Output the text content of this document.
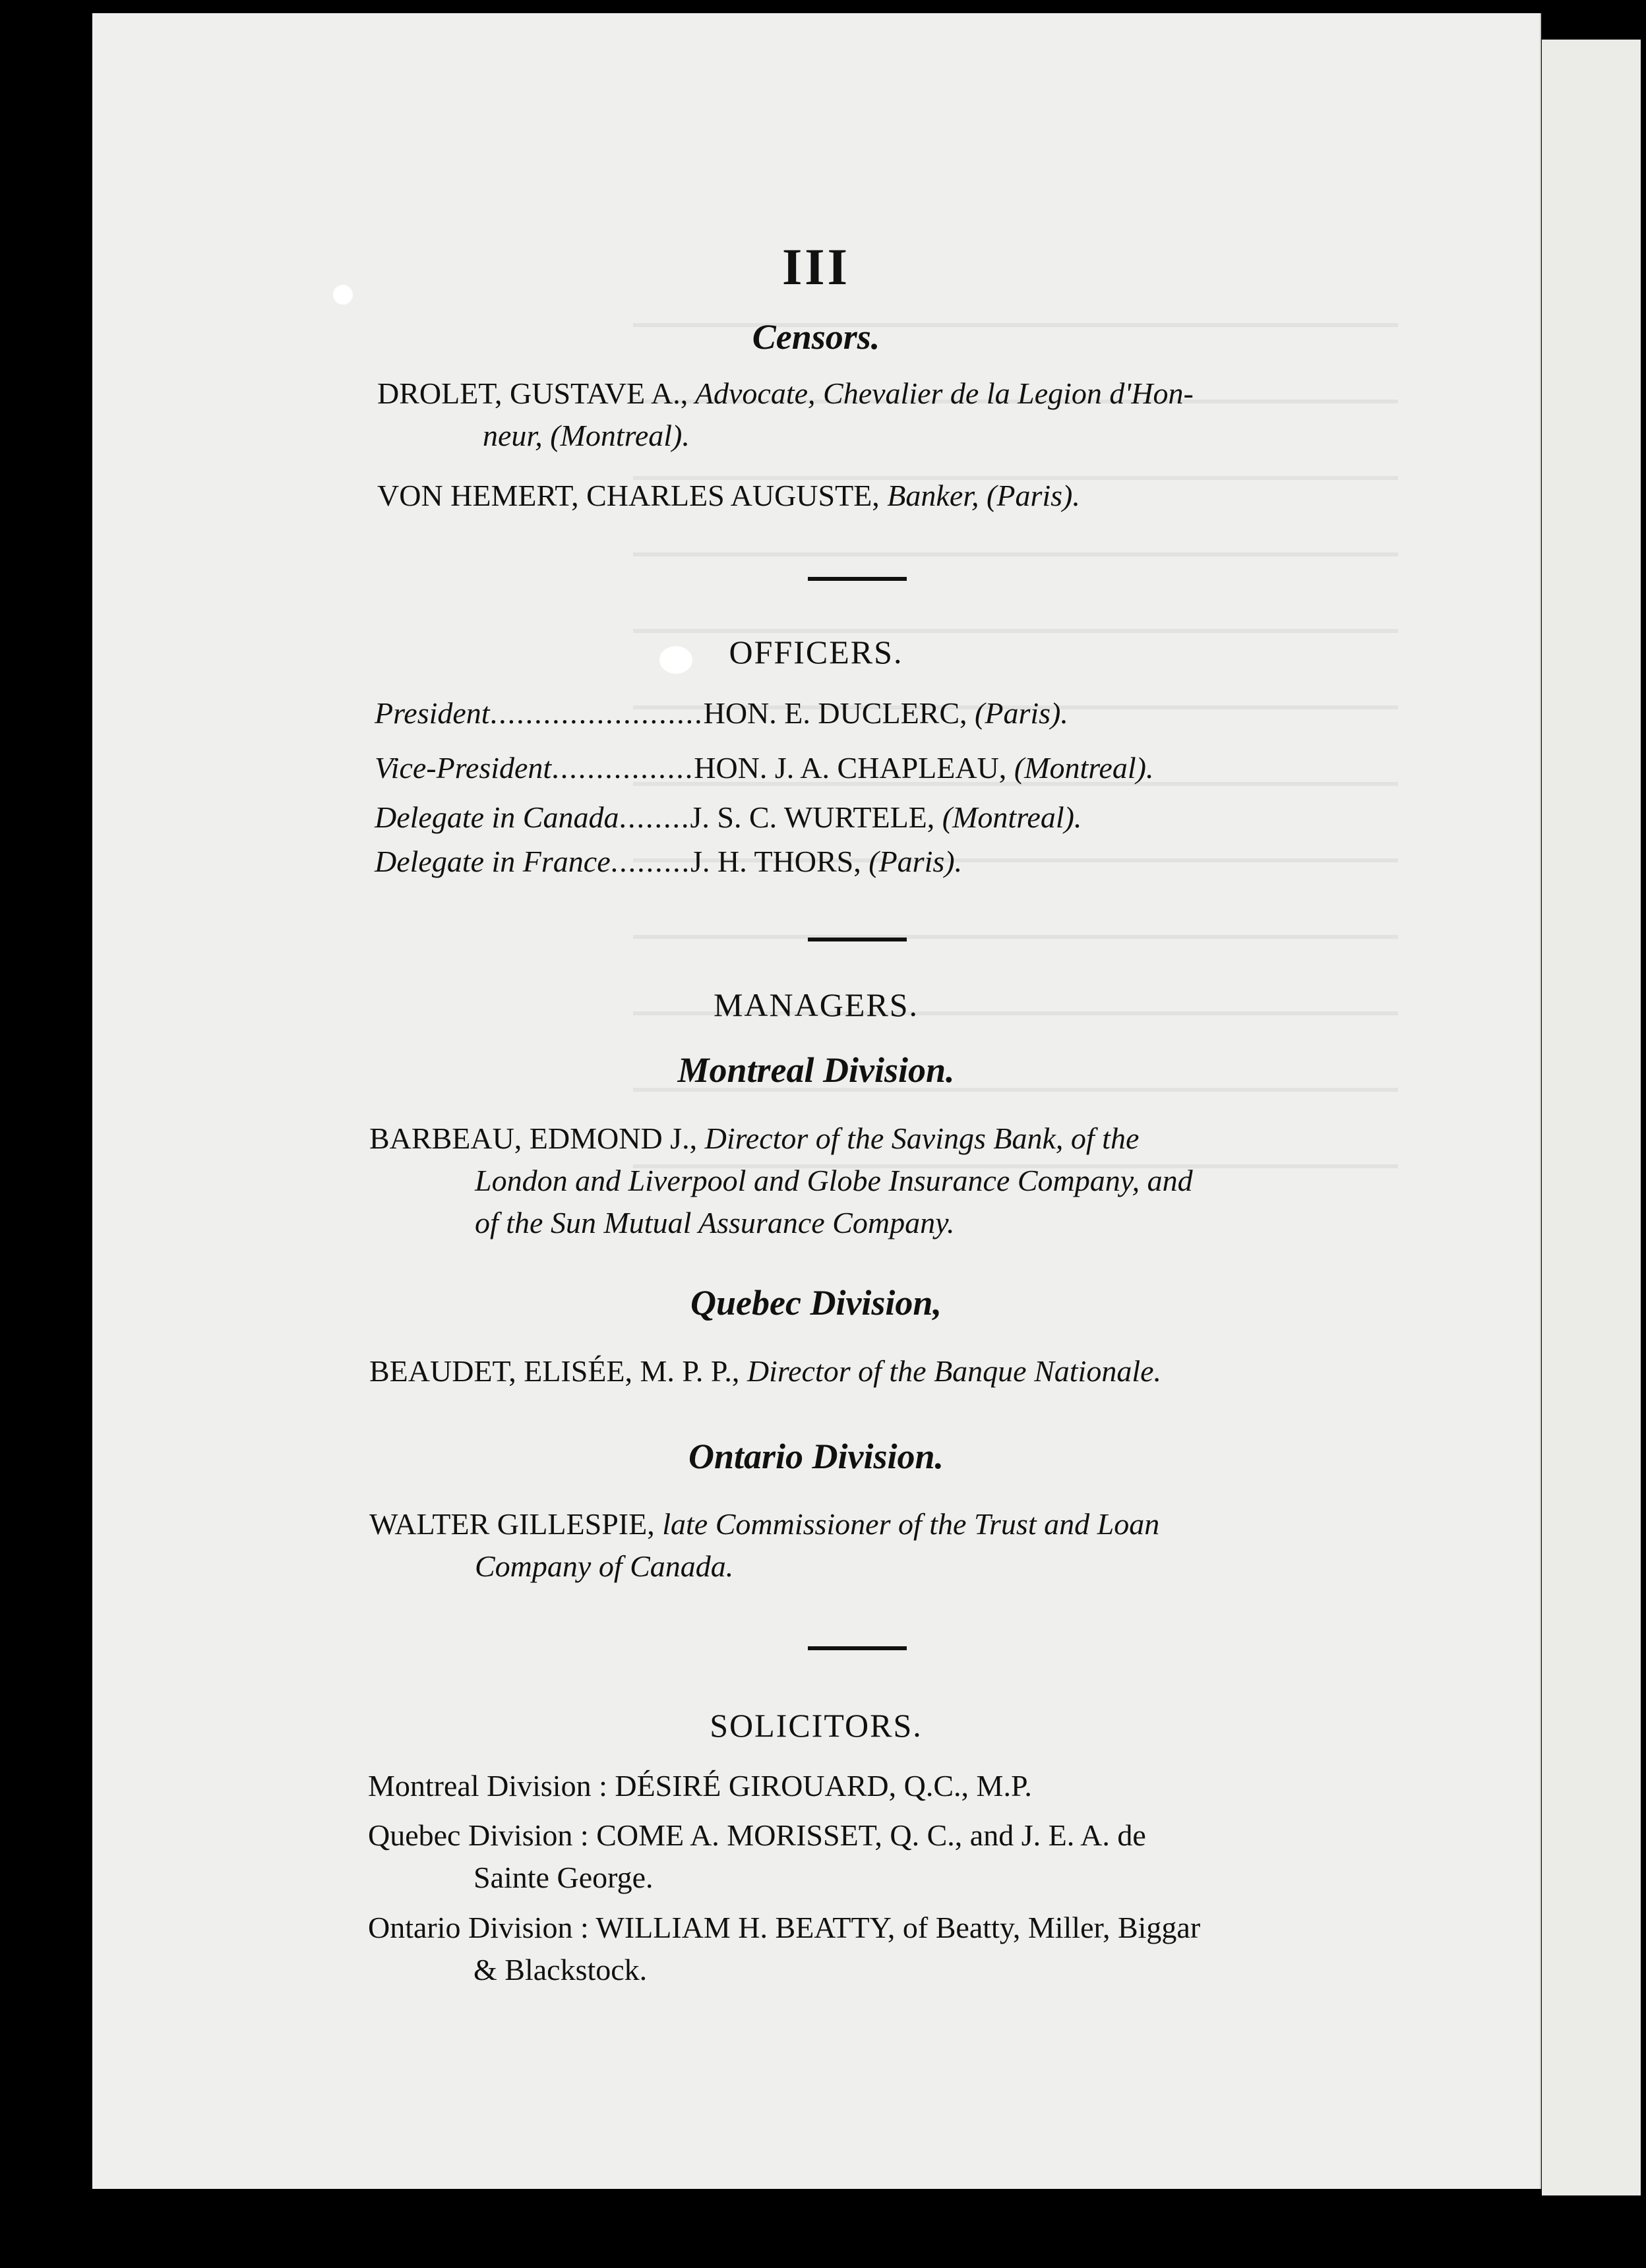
III
Censors.
DROLET, GUSTAVE A., Advocate, Chevalier de la Legion d'Hon-
neur, (Montreal).
VON HEMERT, CHARLES AUGUSTE, Banker, (Paris).
OFFICERS.
President........................HON. E. DUCLERC, (Paris).
Vice-President................HON. J. A. CHAPLEAU, (Montreal).
Delegate in Canada........J. S. C. WURTELE, (Montreal).
Delegate in France.........J. H. THORS, (Paris).
MANAGERS.
Montreal Division.
BARBEAU, EDMOND J., Director of the Savings Bank, of the
London and Liverpool and Globe Insurance Company, and
of the Sun Mutual Assurance Company.
Quebec Division,
BEAUDET, ELISÉE, M. P. P., Director of the Banque Nationale.
Ontario Division.
WALTER GILLESPIE, late Commissioner of the Trust and Loan
Company of Canada.
SOLICITORS.
Montreal Division : DÉSIRÉ GIROUARD, Q.C., M.P.
Quebec Division : COME A. MORISSET, Q. C., and J. E. A. de
Sainte George.
Ontario Division : WILLIAM H. BEATTY, of Beatty, Miller, Biggar
& Blackstock.
